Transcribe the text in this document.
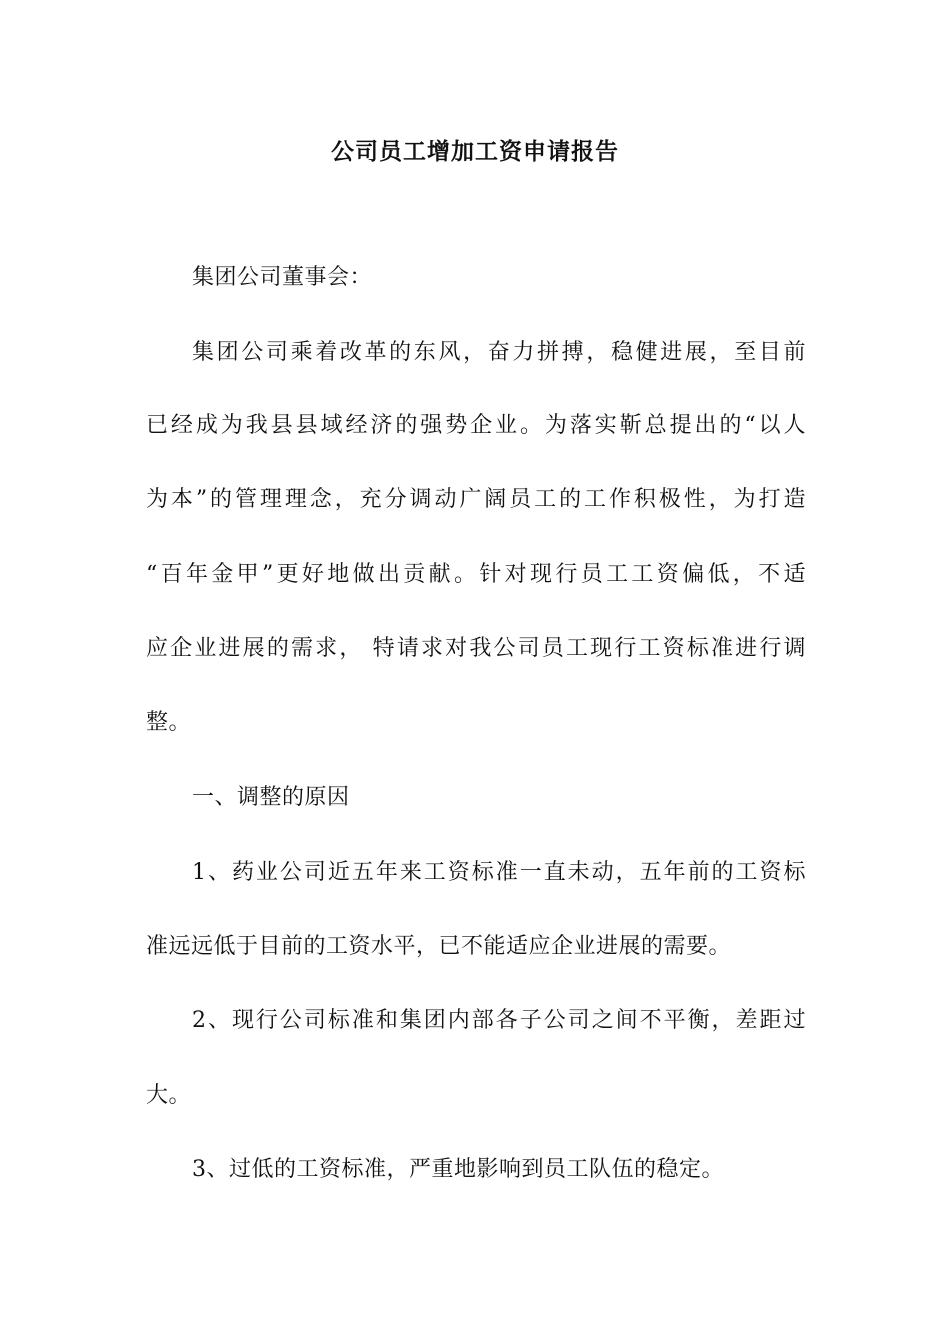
公司员工增加工资申请报告
集团公司董事会：
集团公司乘着改革的东风，奋力拼搏，稳健进展，至目前
已经成为我县县域经济的强势企业。为落实靳总提出的“以人
为本”的管理理念，充分调动广阔员工的工作积极性，为打造
“百年金甲”更好地做出贡献。针对现行员工工资偏低，不适
应企业进展的需求， 特请求对我公司员工现行工资标准进行调
整。
一、调整的原因
1、药业公司近五年来工资标准一直未动，五年前的工资标
准远远低于目前的工资水平，已不能适应企业进展的需要。
2、现行公司标准和集团内部各子公司之间不平衡，差距过
大。
3、过低的工资标准，严重地影响到员工队伍的稳定。
